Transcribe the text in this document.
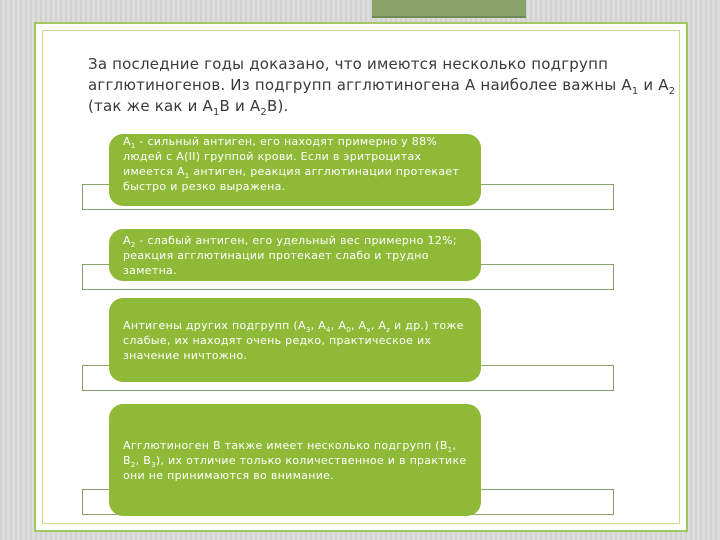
За последние годы доказано, что имеются несколько подгрупп агглютиногенов. Из подгрупп агглютиногена А наиболее важны $А_1$ и $А_2$ (так же как и $А_1В$ и $А_2В$).

$А_1$ - сильный антиген, его находят примерно у 88% людей с А(II) группой крови. Если в эритроцитах имеется $А_1$ антиген, реакция агглютинации протекает быстро и резко выражена.
$А_2$ - слабый антиген, его удельный вес примерно 12%; реакция агглютинации протекает слабо и трудно заметна.
Антигены других подгрупп ($А_3$, $А_4$, $А_0$, $А_х$, $А_z$ и др.) тоже слабые, их находят очень редко, практическое их значение ничтожно.
Агглютиноген В также имеет несколько подгрупп ($В_1$, $В_2$, $В_3$), их отличие только количественное и в практике они не принимаются во внимание.
